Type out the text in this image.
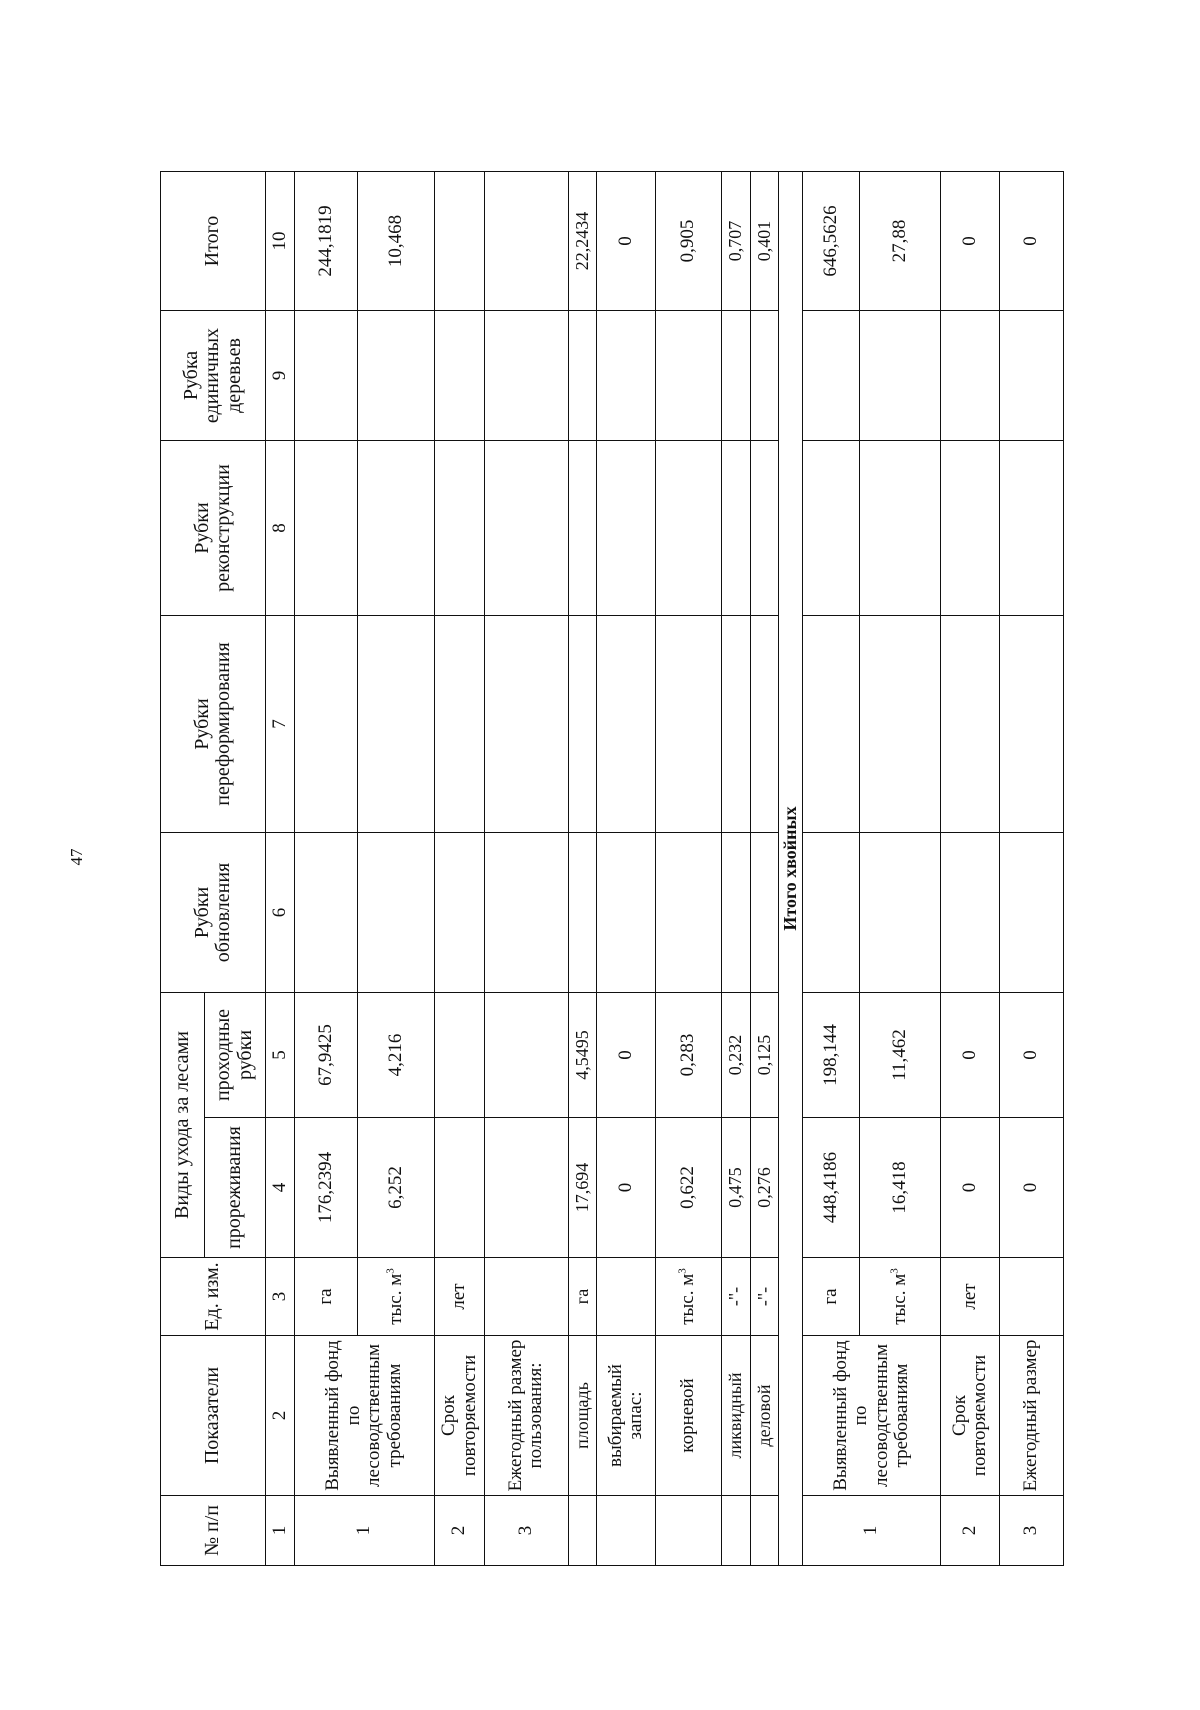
47
№ п/п	Показатели	Ед. изм.	Виды ухода за лесами		Рубки обновления	Рубки переформирования	Рубки реконструкции	Рубка единичных деревьев	Итого
			прореживания	проходные рубки					
1	2	3	4	5	6	7	8	9	10
1	Выявленный фонд по лесоводственным требованиям	га	176,2394	67,9425					244,1819
		тыс. $м^3$	6,252	4,216					10,468
2	Срок повторяемости	лет							
3	Ежегодный размер пользования:								
	площадь	га	17,694	4,5495					22,2434
	выбираемый запас:		0	0					0
	корневой	тыс. $м^3$	0,622	0,283					0,905
	ликвидный	-"-	0,475	0,232					0,707
	деловой	-"-	0,276	0,125					0,401
Итого хвойных									
1	Выявленный фонд по лесоводственным требованиям	га	448,4186	198,144					646,5626
		тыс. $м^3$	16,418	11,462					27,88
2	Срок повторяемости	лет	0	0					0
3	Ежегодный размер		0	0					0
